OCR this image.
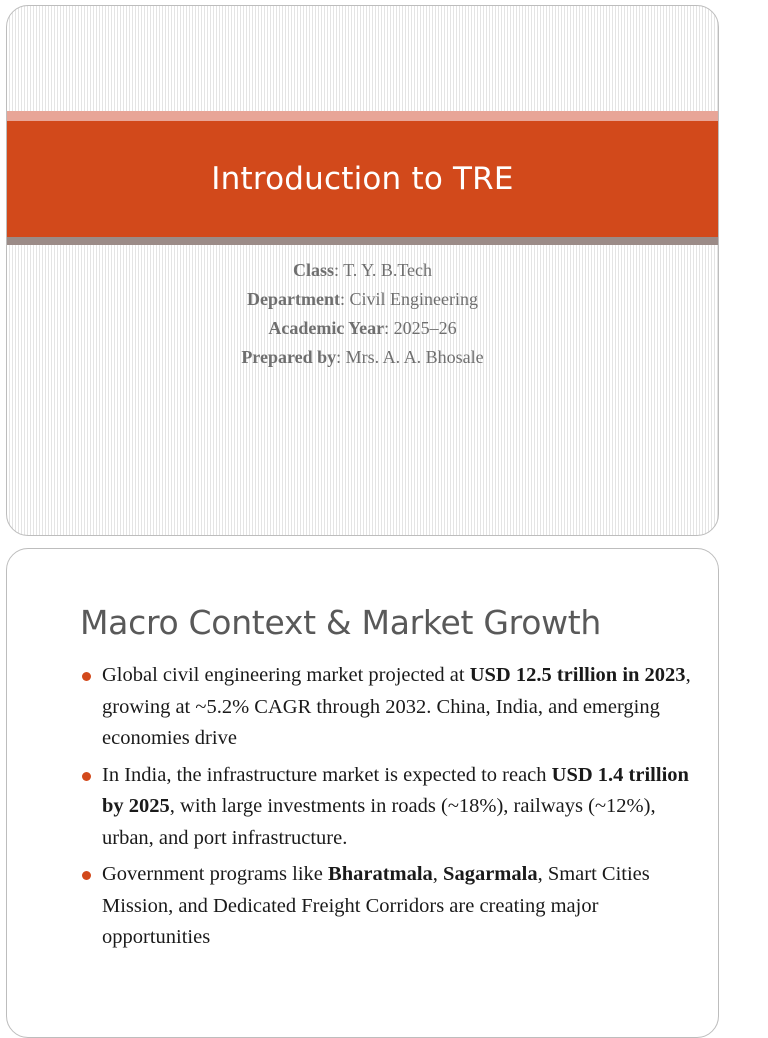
Introduction to TRE
Class: T. Y. B.Tech
Department: Civil Engineering
Academic Year: 2025–26
Prepared by: Mrs. A. A. Bhosale
Macro Context & Market Growth
Global civil engineering market projected at USD 12.5 trillion in 2023, growing at ~5.2% CAGR through 2032. China, India, and emerging economies drive
In India, the infrastructure market is expected to reach USD 1.4 trillion by 2025, with large investments in roads (~18%), railways (~12%), urban, and port infrastructure.
Government programs like Bharatmala, Sagarmala, Smart Cities Mission, and Dedicated Freight Corridors are creating major opportunities
